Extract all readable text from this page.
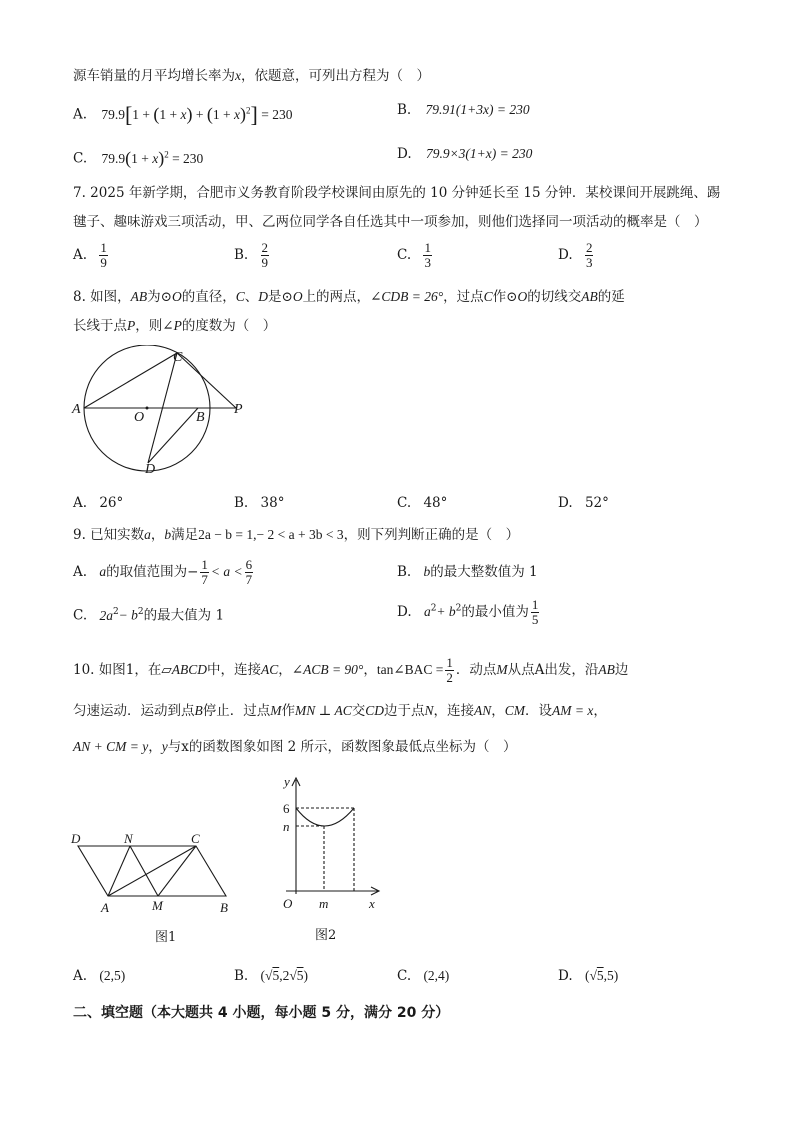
源车销量的月平均增长率为x，依题意，可列出方程为（　）
A. $79.9[1 + (1 + x) + (1 + x)^2] = 230$	B. 79.91(1+3x) = 230
C. $79.9(1 + x)^2 = 230$	D. 79.9×3(1+x) = 230
7. 2025 年新学期，合肥市义务教育阶段学校课间由原先的 10 分钟延长至 15 分钟．某校课间开展跳绳、踢
毽子、趣味游戏三项活动，甲、乙两位同学各自任选其中一项参加，则他们选择同一项活动的概率是（　）
A. $\frac{1}{9}$	B. $\frac{2}{9}$	C. $\frac{1}{3}$	D. $\frac{2}{3}$
8. 如图，AB为⊙O的直径，C、D是⊙O上的两点，∠CDB = 26°，过点C作⊙O的切线交AB的延
长线于点P，则∠P的度数为（　）
A
C
B
P
O
D
A. 26°	B. 38°	C. 48°	D. 52°
9. 已知实数a，b满足2a − b = 1,− 2 < a + 3b < 3，则下列判断正确的是（　）
A. a的取值范围为− $\frac{1}{7} < a < \frac{6}{7}$	B. b的最大整数值为 1
C. $2a^2- b^2$的最大值为 1	D. $a^2+ b^2$的最小值为 $\frac{1}{5}$
10. 如图1，在▱ABCD中，连接AC，∠ACB = 90°，tan∠BAC = $\frac{1}{2}$ ．动点M从点A出发，沿AB边
匀速运动．运动到点B停止．过点M作MN ⊥ AC交CD边于点N，连接AN，CM．设AM = x，
AN + CM = y，y与x的函数图象如图 2 所示，函数图象最低点坐标为（　）
D	N	C
A	M	B
图1
y
6
n
O m	x
图2
A. (2,5)	B. (√5,2√5)	C. (2,4)	D. (√5,5)
二、填空题（本大题共 4 小题，每小题 5 分，满分 20 分）
